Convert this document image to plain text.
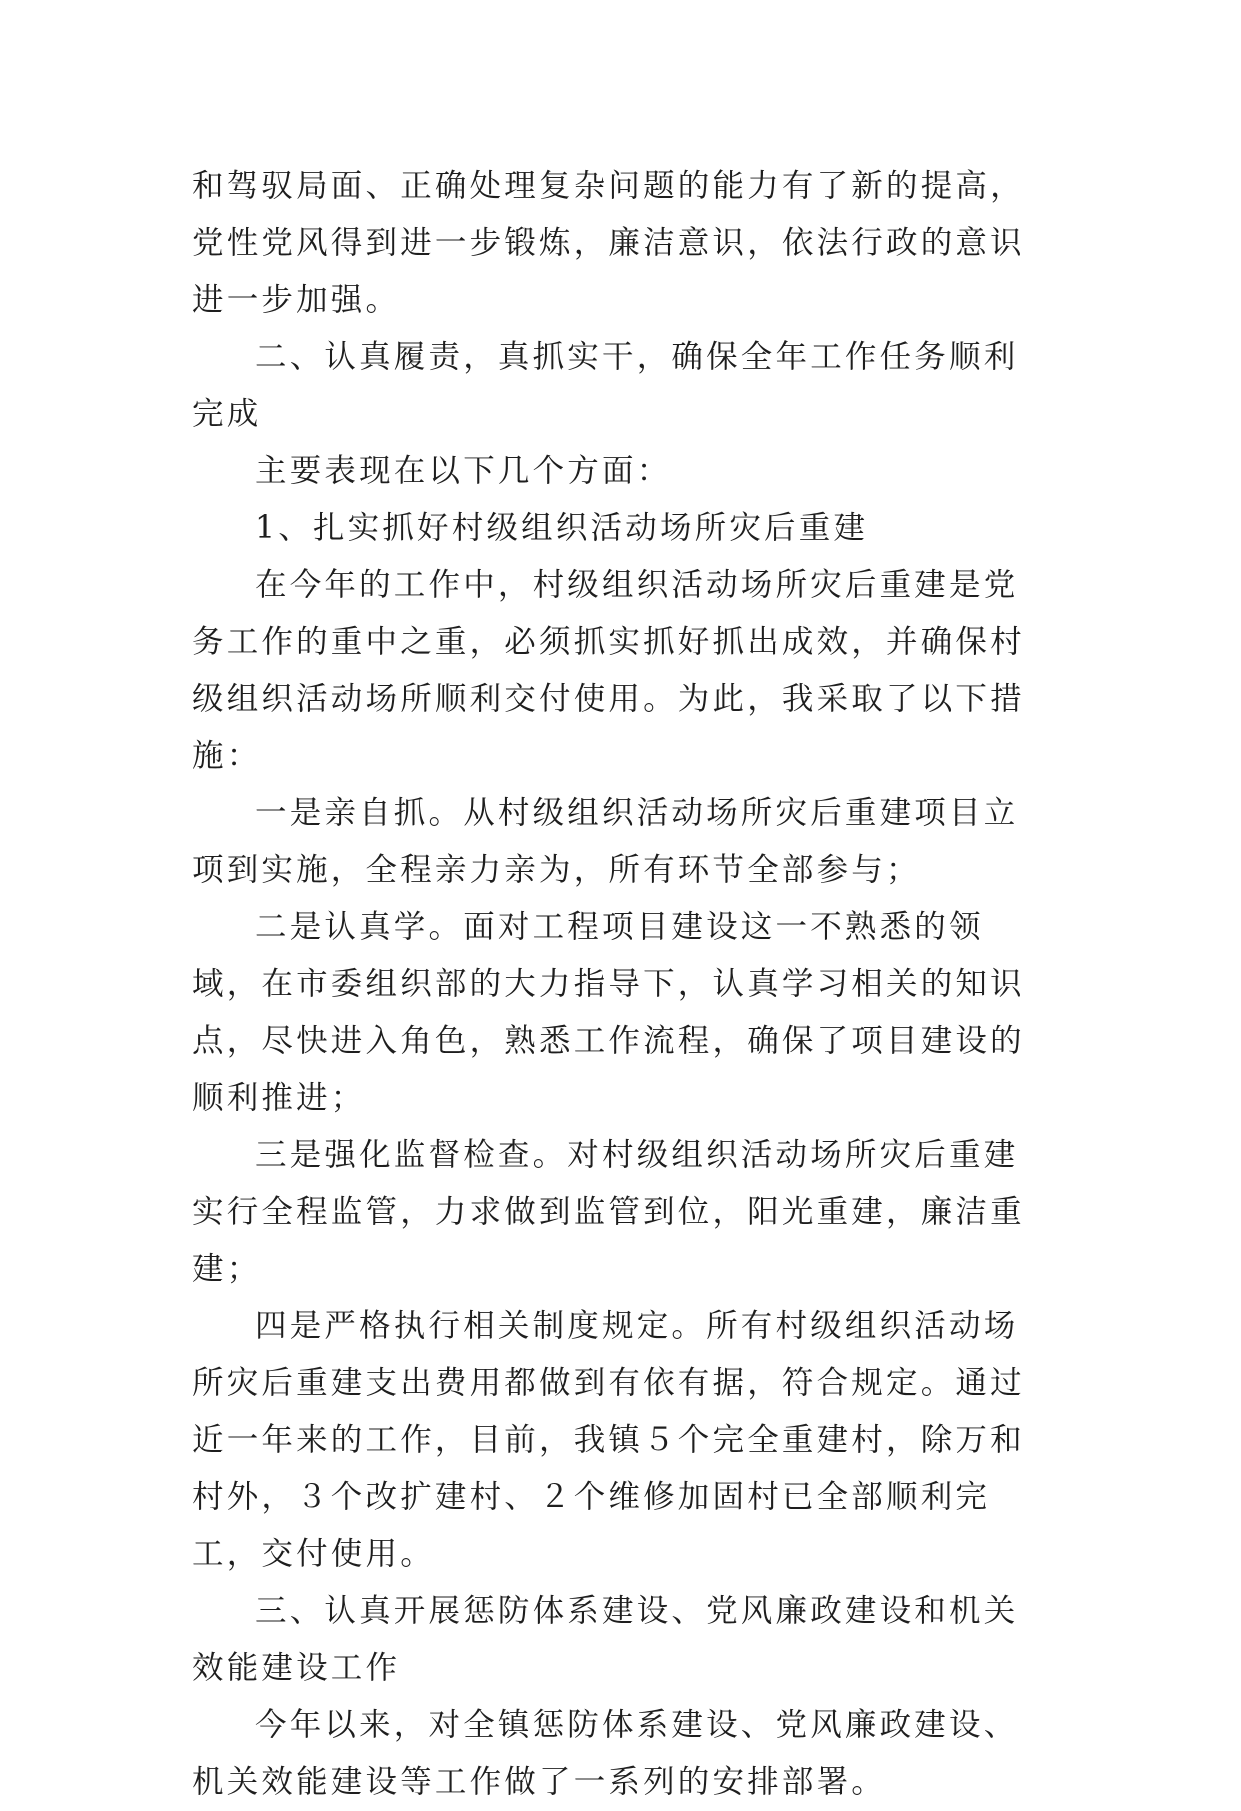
和驾驭局面、正确处理复杂问题的能力有了新的提高，党性党风得到进一步锻炼，廉洁意识，依法行政的意识进一步加强。

二、认真履责，真抓实干，确保全年工作任务顺利完成

主要表现在以下几个方面：

1、扎实抓好村级组织活动场所灾后重建

在今年的工作中，村级组织活动场所灾后重建是党务工作的重中之重，必须抓实抓好抓出成效，并确保村级组织活动场所顺利交付使用。为此，我采取了以下措施：

一是亲自抓。从村级组织活动场所灾后重建项目立项到实施，全程亲力亲为，所有环节全部参与；

二是认真学。面对工程项目建设这一不熟悉的领域，在市委组织部的大力指导下，认真学习相关的知识点，尽快进入角色，熟悉工作流程，确保了项目建设的顺利推进；

三是强化监督检查。对村级组织活动场所灾后重建实行全程监管，力求做到监管到位，阳光重建，廉洁重建；

四是严格执行相关制度规定。所有村级组织活动场所灾后重建支出费用都做到有依有据，符合规定。通过近一年来的工作，目前，我镇５个完全重建村，除万和村外，３个改扩建村、２个维修加固村已全部顺利完工，交付使用。

三、认真开展惩防体系建设、党风廉政建设和机关效能建设工作

今年以来，对全镇惩防体系建设、党风廉政建设、机关效能建设等工作做了一系列的安排部署。
